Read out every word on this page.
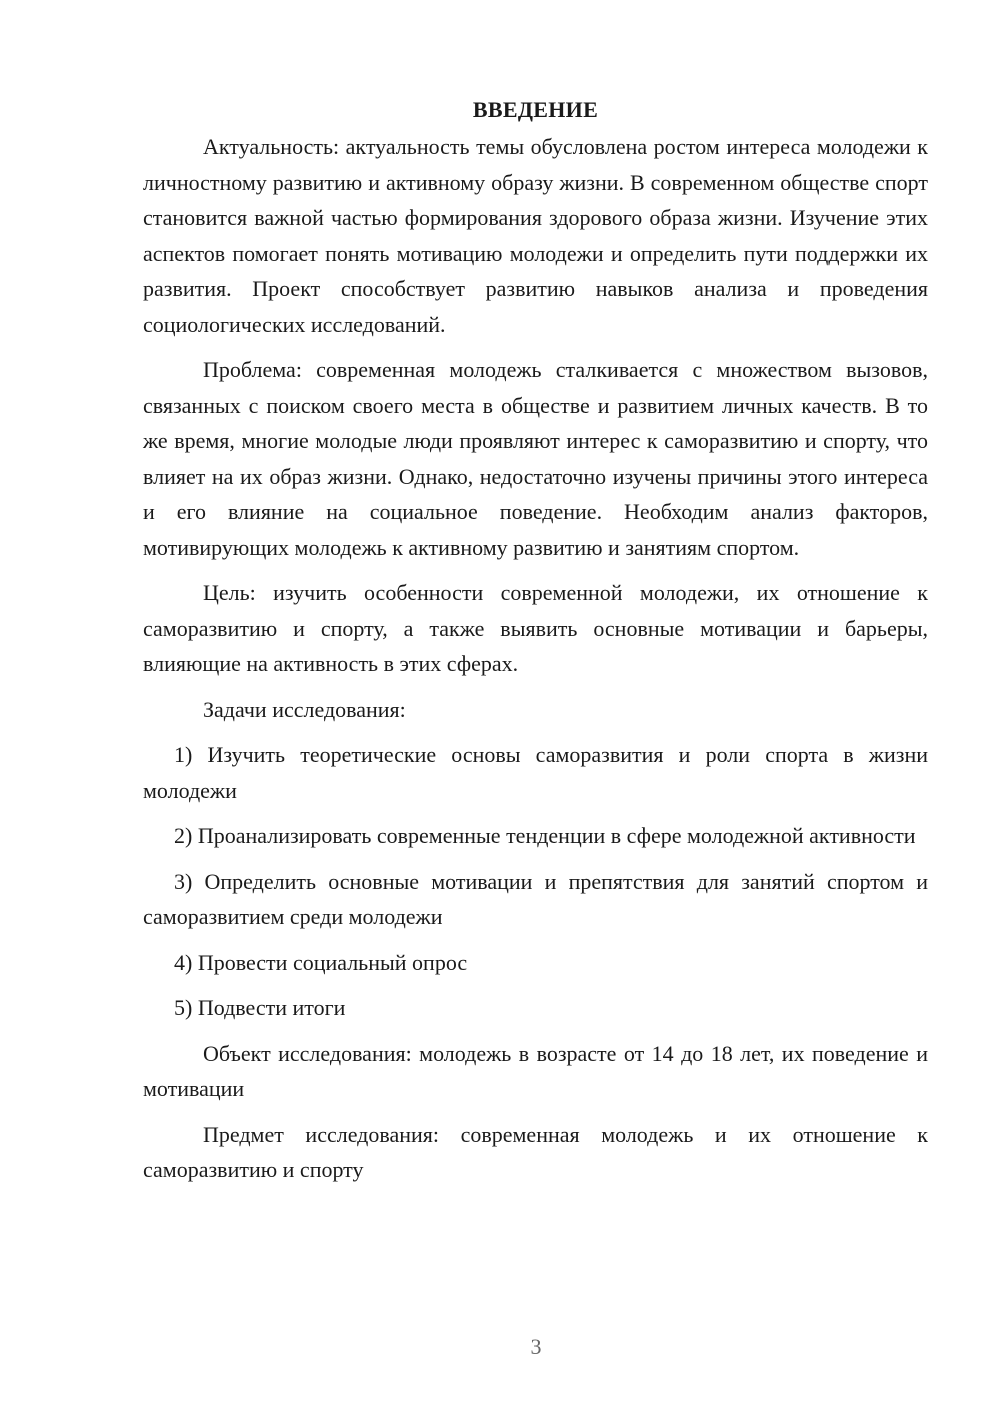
ВВЕДЕНИЕ

Актуальность: актуальность темы обусловлена ростом интереса молодежи к личностному развитию и активному образу жизни. В современном обществе спорт становится важной частью формирования здорового образа жизни. Изучение этих аспектов помогает понять мотивацию молодежи и определить пути поддержки их развития. Проект способствует развитию навыков анализа и проведения социологических исследований.

Проблема: современная молодежь сталкивается с множеством вызовов, связанных с поиском своего места в обществе и развитием личных качеств. В то же время, многие молодые люди проявляют интерес к саморазвитию и спорту, что влияет на их образ жизни. Однако, недостаточно изучены причины этого интереса и его влияние на социальное поведение. Необходим анализ факторов, мотивирующих молодежь к активному развитию и занятиям спортом.

Цель: изучить особенности современной молодежи, их отношение к саморазвитию и спорту, а также выявить основные мотивации и барьеры, влияющие на активность в этих сферах.

Задачи исследования:

1) Изучить теоретические основы саморазвития и роли спорта в жизни молодежи

2) Проанализировать современные тенденции в сфере молодежной активности

3) Определить основные мотивации и препятствия для занятий спортом и саморазвитием среди молодежи

4) Провести социальный опрос

5) Подвести итоги

Объект исследования: молодежь в возрасте от 14 до 18 лет, их поведение и мотивации

Предмет исследования: современная молодежь и их отношение к саморазвитию и спорту

3
